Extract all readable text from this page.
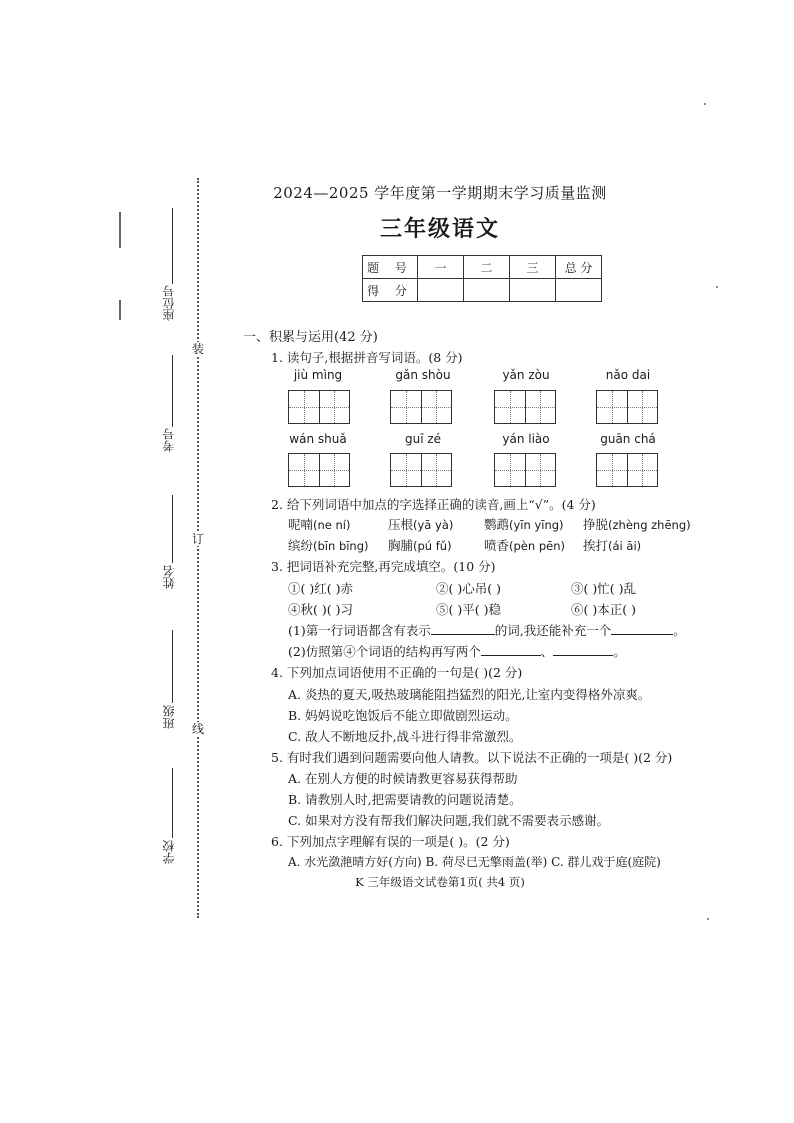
装
订
线
座位号
考号
姓名
班级
学校
2024—2025 学年度第一学期期末学习质量监测
三年级语文
题 号	一	二	三	总 分
得 分				
一、积累与运用(42 分)
1. 读句子,根据拼音写词语。(8 分)
jiù mìng	gǎn shòu	yǎn zòu	nǎo dai
wán shuǎ	guī zé	yán liào	guān chá
2. 给下列词语中加点的字选择正确的读音,画上“√”。(4 分)
呢喃(ne ní)	压根(yā yà) 鹦鹉(yīn yīng) 挣脱(zhèng zhēng)
缤纷(bīn bīng) 胸脯(pú fǔ)	喷香(pèn pēn) 挨打(ái āi)
3. 把词语补充完整,再完成填空。(10 分)
①( )红( )赤	②( )心吊( )	③( )忙( )乱
④秋( )( )习	⑤( )平( )稳	⑥( )本正( )
(1)第一行词语都含有表示	的词,我还能补充一个	。
(2)仿照第④个词语的结构再写两个	、	。
4. 下列加点词语使用不正确的一句是( )(2 分)
A. 炎热的夏天,吸热玻璃能阻挡猛烈的阳光,让室内变得格外凉爽。
B. 妈妈说吃饱饭后不能立即做剧烈运动。
C. 敌人不断地反扑,战斗进行得非常激烈。
5. 有时我们遇到问题需要向他人请教。以下说法不正确的一项是( )(2 分)
A. 在别人方便的时候请教更容易获得帮助
B. 请教别人时,把需要请教的问题说清楚。
C. 如果对方没有帮我们解决问题,我们就不需要表示感谢。
6. 下列加点字理解有误的一项是( )。(2 分)
A. 水光潋滟晴方好(方向) B. 荷尽已无擎雨盖(举) C. 群儿戏于庭(庭院)
K 三年级语文试卷第1页( 共4 页)
